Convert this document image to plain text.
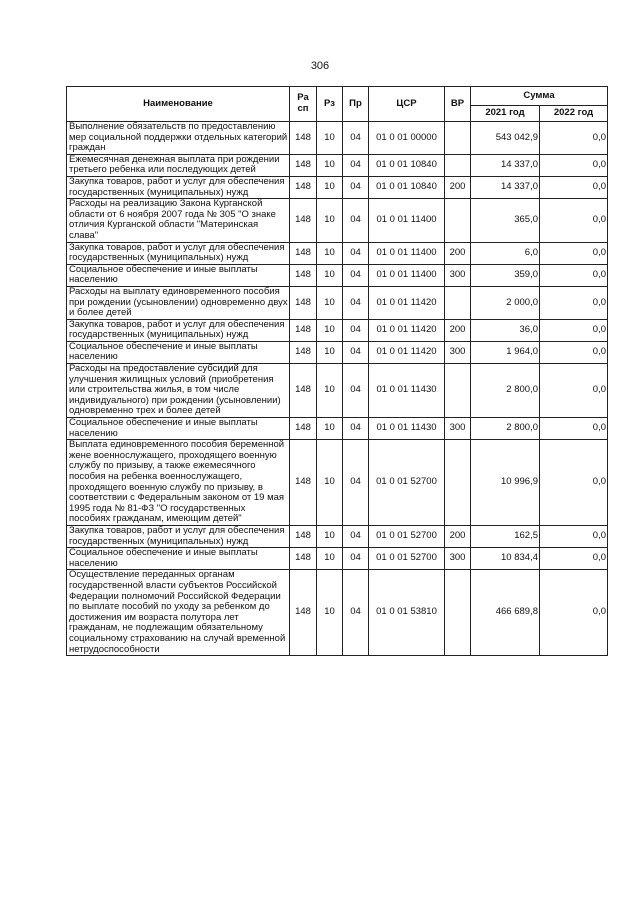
306
Наименование	Ра сп	Рз	Пр	ЦСР	ВР	Сумма	
						2021 год	2022 год
Выполнение обязательств по предоставлению мер социальной поддержки отдельных категорий граждан	148	10	04	01 0 01 00000		543 042,9	0,0
Ежемесячная денежная выплата при рождении третьего ребенка или последующих детей	148	10	04	01 0 01 10840		14 337,0	0,0
Закупка товаров, работ и услуг для обеспечения государственных (муниципальных) нужд	148	10	04	01 0 01 10840	200	14 337,0	0,0
Расходы на реализацию Закона Курганской области от 6 ноября 2007 года № 305 "О знаке отличия Курганской области "Материнская слава"	148	10	04	01 0 01 11400		365,0	0,0
Закупка товаров, работ и услуг для обеспечения государственных (муниципальных) нужд	148	10	04	01 0 01 11400	200	6,0	0,0
Социальное обеспечение и иные выплаты населению	148	10	04	01 0 01 11400	300	359,0	0,0
Расходы на выплату единовременного пособия при рождении (усыновлении) одновременно двух и более детей	148	10	04	01 0 01 11420		2 000,0	0,0
Закупка товаров, работ и услуг для обеспечения государственных (муниципальных) нужд	148	10	04	01 0 01 11420	200	36,0	0,0
Социальное обеспечение и иные выплаты населению	148	10	04	01 0 01 11420	300	1 964,0	0,0
Расходы на предоставление субсидий для улучшения жилищных условий (приобретения или строительства жилья, в том числе индивидуального) при рождении (усыновлении) одновременно трех и более детей	148	10	04	01 0 01 11430		2 800,0	0,0
Социальное обеспечение и иные выплаты населению	148	10	04	01 0 01 11430	300	2 800,0	0,0
Выплата единовременного пособия беременной жене военнослужащего, проходящего военную службу по призыву, а также ежемесячного пособия на ребенка военнослужащего, проходящего военную службу по призыву, в соответствии с Федеральным законом от 19 мая 1995 года № 81-ФЗ "О государственных пособиях гражданам, имеющим детей"	148	10	04	01 0 01 52700		10 996,9	0,0
Закупка товаров, работ и услуг для обеспечения государственных (муниципальных) нужд	148	10	04	01 0 01 52700	200	162,5	0,0
Социальное обеспечение и иные выплаты населению	148	10	04	01 0 01 52700	300	10 834,4	0,0
Осуществление переданных органам государственной власти субъектов Российской Федерации полномочий Российской Федерации по выплате пособий по уходу за ребенком до достижения им возраста полутора лет гражданам, не подлежащим обязательному социальному страхованию на случай временной нетрудоспособности	148	10	04	01 0 01 53810		466 689,8	0,0
